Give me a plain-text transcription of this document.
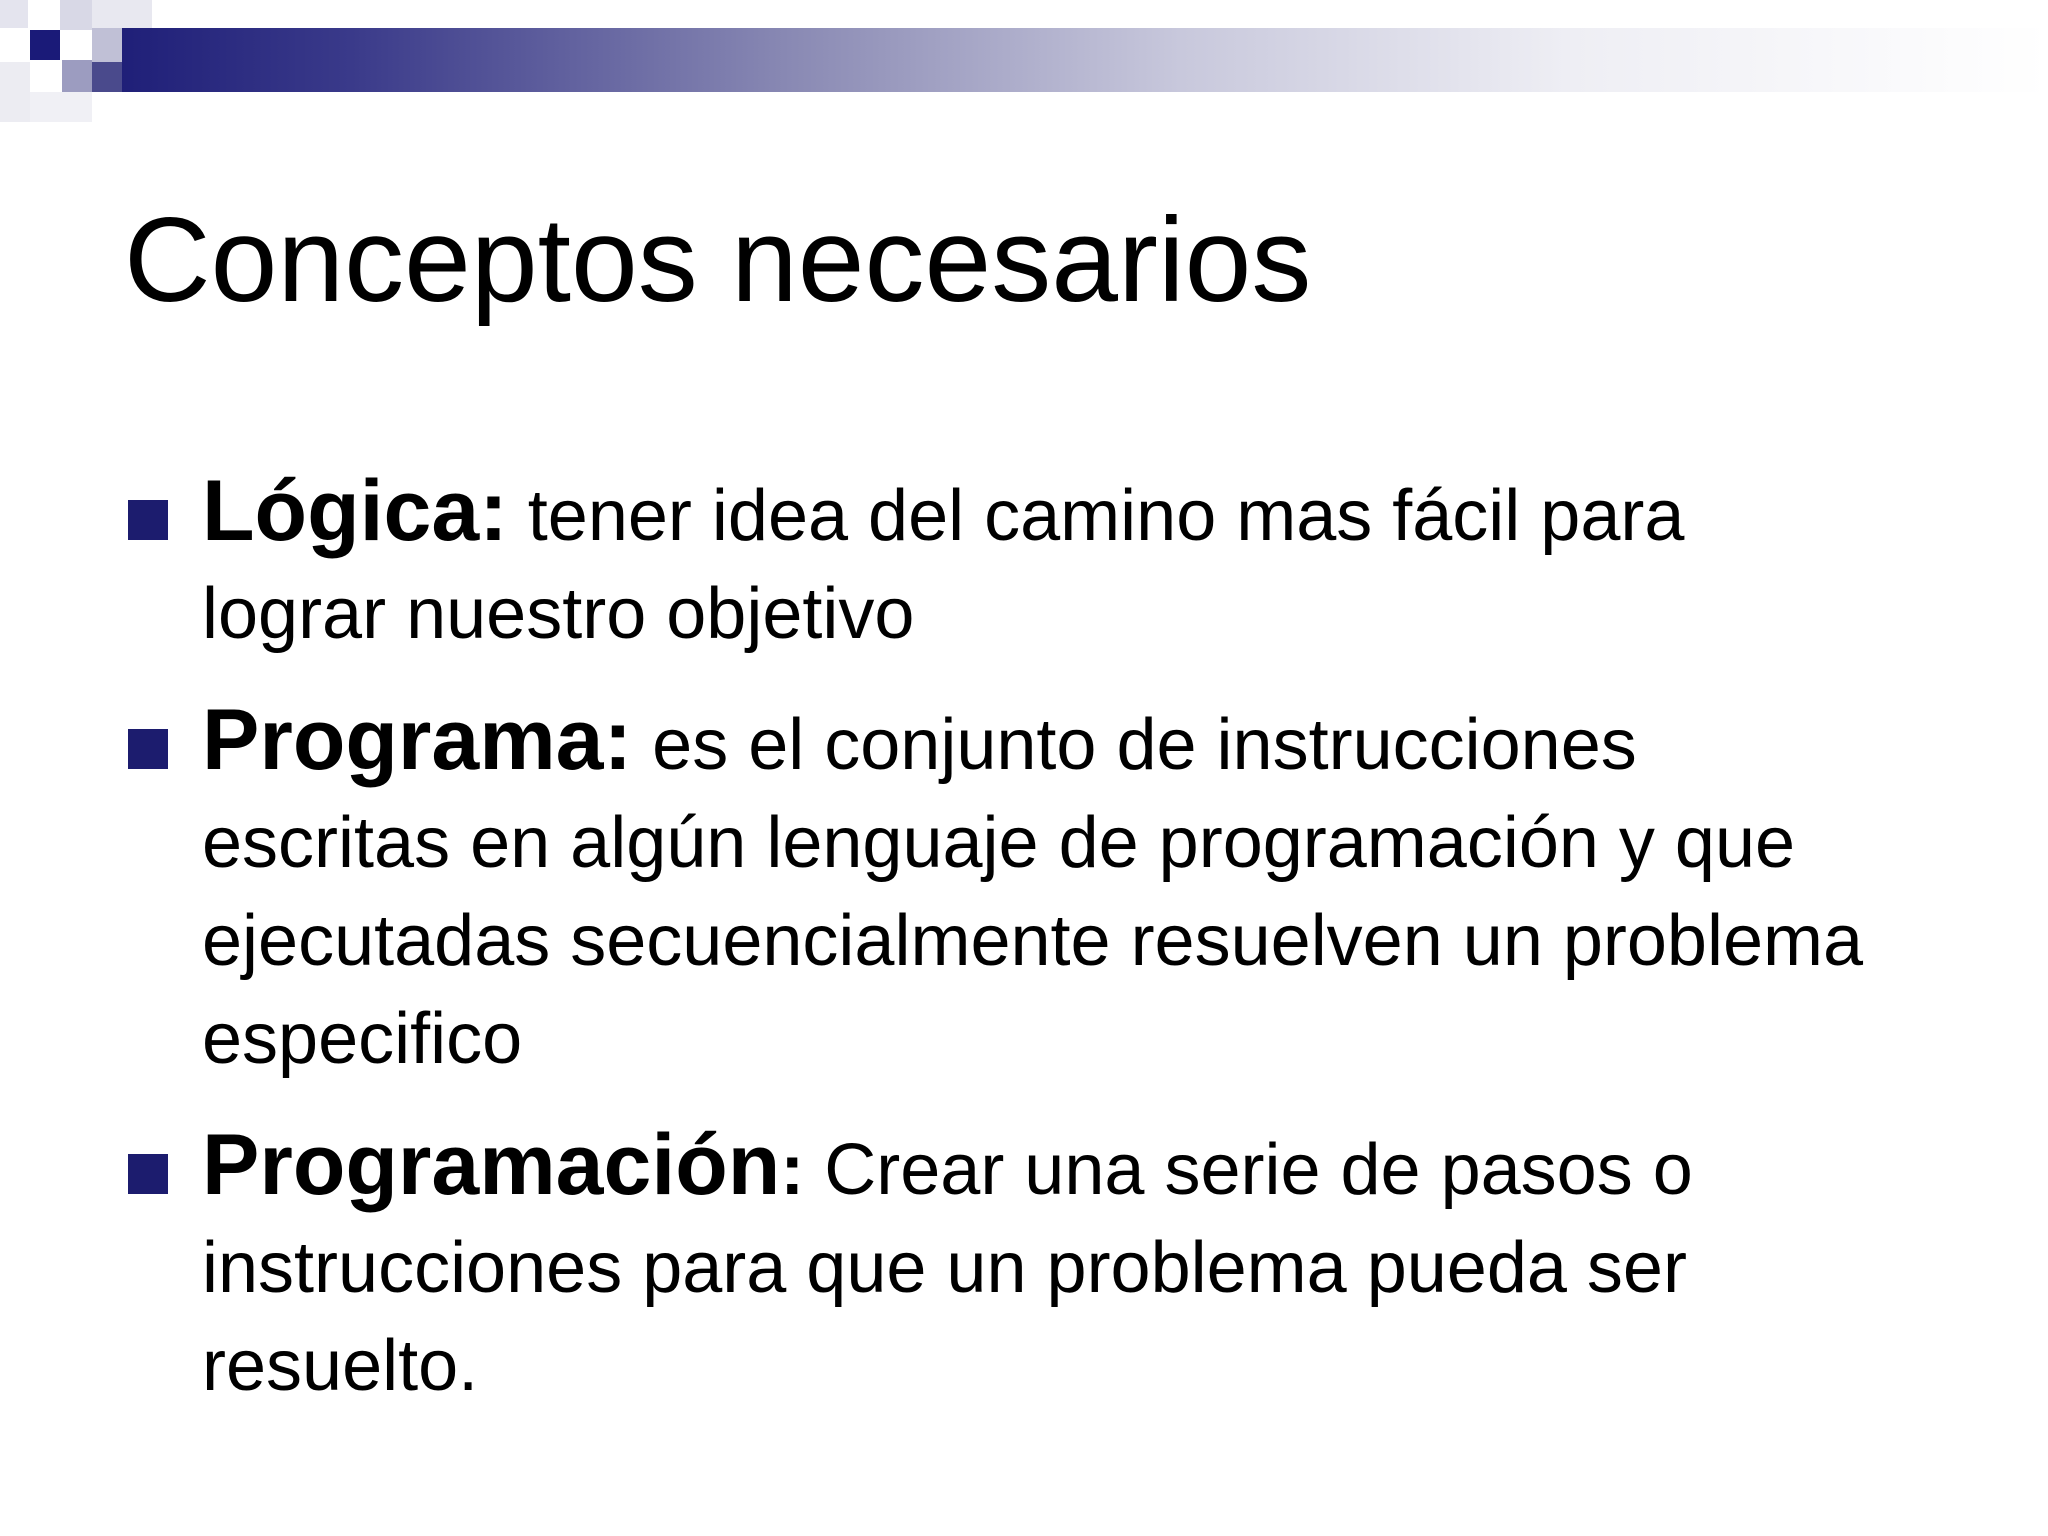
Conceptos necesarios
Lógica: tener idea del camino mas fácil para lograr nuestro objetivo
Programa: es el conjunto de instrucciones escritas en algún lenguaje de programación y que ejecutadas secuencialmente resuelven un problema especifico
Programación: Crear una serie de pasos o instrucciones para que un problema pueda ser resuelto.
